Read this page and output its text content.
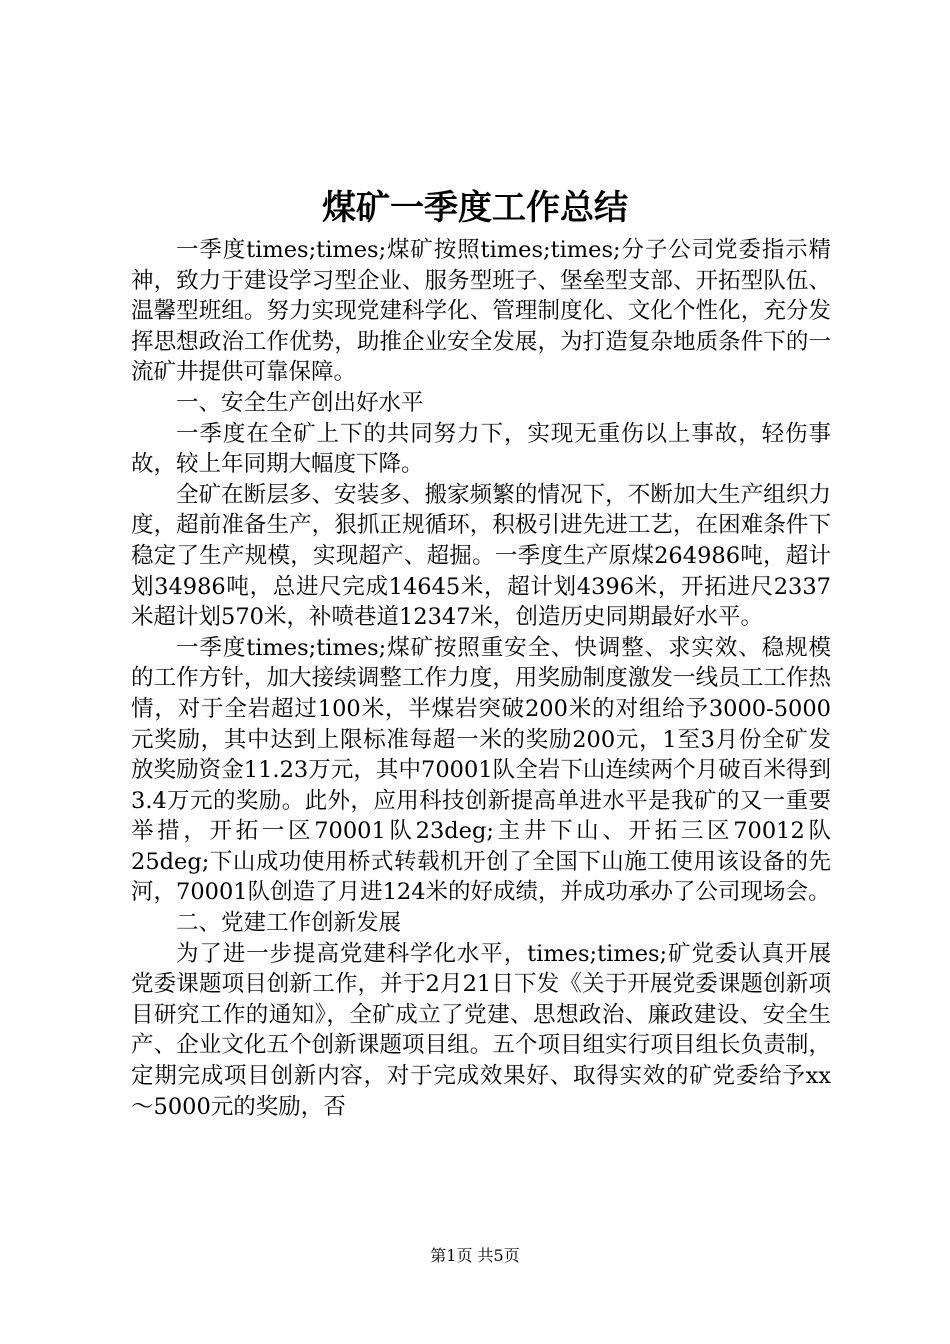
煤矿一季度工作总结

一季度times;times;煤矿按照times;times;分子公司党委指示精神，致力于建设学习型企业、服务型班子、堡垒型支部、开拓型队伍、温馨型班组。努力实现党建科学化、管理制度化、文化个性化，充分发挥思想政治工作优势，助推企业安全发展，为打造复杂地质条件下的一流矿井提供可靠保障。

一、安全生产创出好水平

一季度在全矿上下的共同努力下，实现无重伤以上事故，轻伤事故，较上年同期大幅度下降。

全矿在断层多、安装多、搬家频繁的情况下，不断加大生产组织力度，超前准备生产，狠抓正规循环，积极引进先进工艺，在困难条件下稳定了生产规模，实现超产、超掘。一季度生产原煤264986吨，超计划34986吨，总进尺完成14645米，超计划4396米，开拓进尺2337米超计划570米，补喷巷道12347米，创造历史同期最好水平。

一季度times;times;煤矿按照重安全、快调整、求实效、稳规模的工作方针，加大接续调整工作力度，用奖励制度激发一线员工工作热情，对于全岩超过100米，半煤岩突破200米的对组给予3000-5000元奖励，其中达到上限标准每超一米的奖励200元，1至3月份全矿发放奖励资金11.23万元，其中70001队全岩下山连续两个月破百米得到3.4万元的奖励。此外，应用科技创新提高单进水平是我矿的又一重要举措，开拓一区70001队23deg;主井下山、开拓三区70012队25deg;下山成功使用桥式转载机开创了全国下山施工使用该设备的先河，70001队创造了月进124米的好成绩，并成功承办了公司现场会。

二、党建工作创新发展

为了进一步提高党建科学化水平，times;times;矿党委认真开展党委课题项目创新工作，并于2月21日下发《关于开展党委课题创新项目研究工作的通知》，全矿成立了党建、思想政治、廉政建设、安全生产、企业文化五个创新课题项目组。五个项目组实行项目组长负责制，定期完成项目创新内容，对于完成效果好、取得实效的矿党委给予xx～5000元的奖励，否

第1页 共5页
